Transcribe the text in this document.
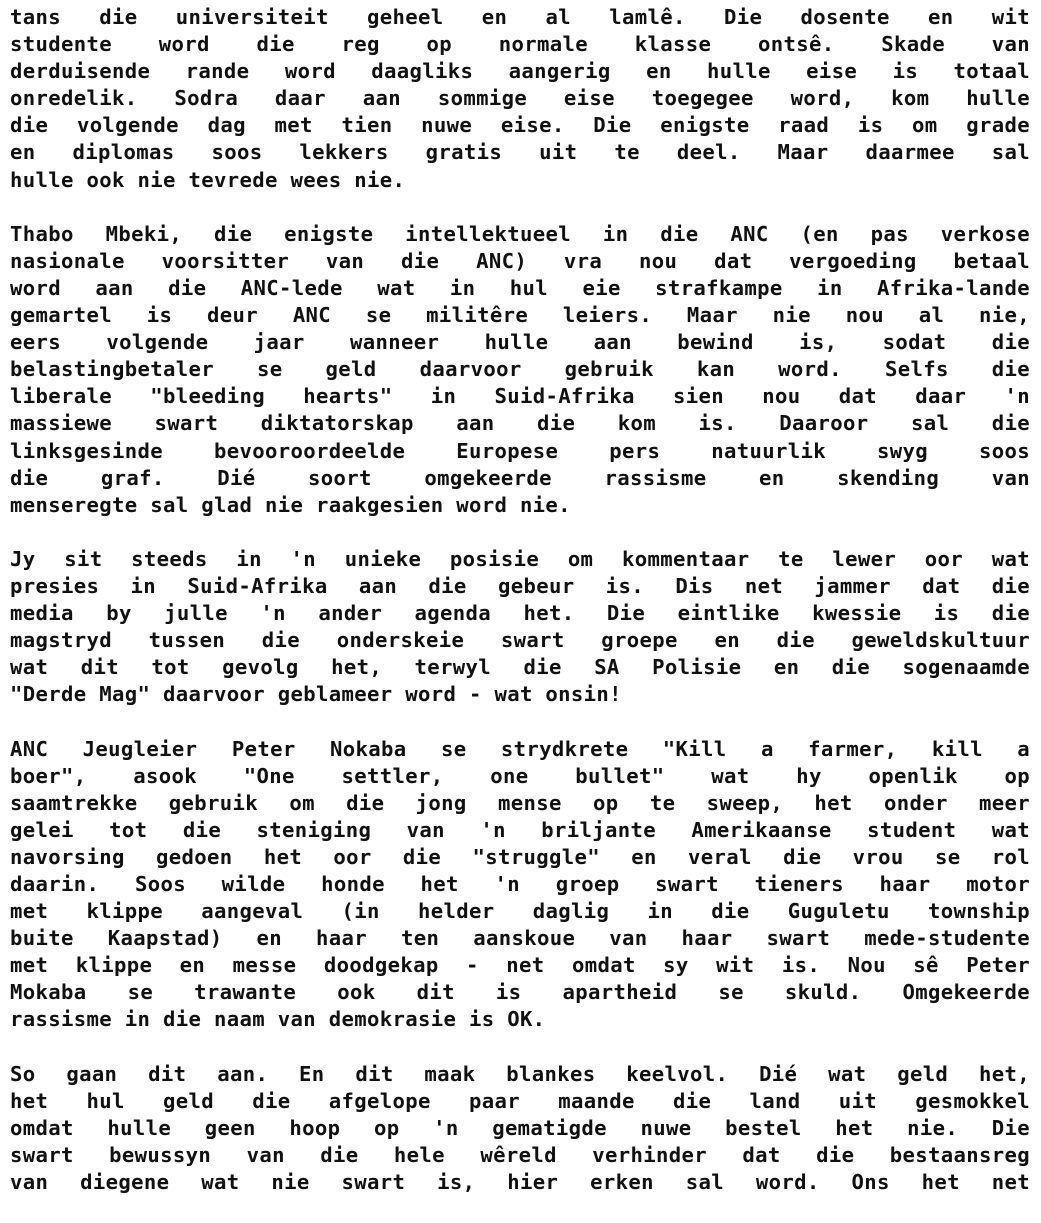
tans die universiteit geheel en al lamlê. Die dosente en wit
studente word die reg op normale klasse ontsê. Skade van
derduisende rande word daagliks aangerig en hulle eise is totaal
onredelik. Sodra daar aan sommige eise toegegee word, kom hulle
die volgende dag met tien nuwe eise. Die enigste raad is om grade
en diplomas soos lekkers gratis uit te deel. Maar daarmee sal
hulle ook nie tevrede wees nie.
Thabo Mbeki, die enigste intellektueel in die ANC (en pas verkose
nasionale voorsitter van die ANC) vra nou dat vergoeding betaal
word aan die ANC-lede wat in hul eie strafkampe in Afrika-lande
gemartel is deur ANC se militêre leiers. Maar nie nou al nie,
eers volgende jaar wanneer hulle aan bewind is, sodat die
belastingbetaler se geld daarvoor gebruik kan word. Selfs die
liberale "bleeding hearts" in Suid-Afrika sien nou dat daar 'n
massiewe swart diktatorskap aan die kom is. Daaroor sal die
linksgesinde bevooroordeelde Europese pers natuurlik swyg soos
die graf. Dié soort omgekeerde rassisme en skending van
menseregte sal glad nie raakgesien word nie.
Jy sit steeds in 'n unieke posisie om kommentaar te lewer oor wat
presies in Suid-Afrika aan die gebeur is. Dis net jammer dat die
media by julle 'n ander agenda het. Die eintlike kwessie is die
magstryd tussen die onderskeie swart groepe en die geweldskultuur
wat dit tot gevolg het, terwyl die SA Polisie en die sogenaamde
"Derde Mag" daarvoor geblameer word - wat onsin!
ANC Jeugleier Peter Nokaba se strydkrete "Kill a farmer, kill a
boer", asook "One settler, one bullet" wat hy openlik op
saamtrekke gebruik om die jong mense op te sweep, het onder meer
gelei tot die steniging van 'n briljante Amerikaanse student wat
navorsing gedoen het oor die "struggle" en veral die vrou se rol
daarin. Soos wilde honde het 'n groep swart tieners haar motor
met klippe aangeval (in helder daglig in die Guguletu township
buite Kaapstad) en haar ten aanskoue van haar swart mede-studente
met klippe en messe doodgekap - net omdat sy wit is. Nou sê Peter
Mokaba se trawante ook dit is apartheid se skuld. Omgekeerde
rassisme in die naam van demokrasie is OK.
So gaan dit aan. En dit maak blankes keelvol. Dié wat geld het,
het hul geld die afgelope paar maande die land uit gesmokkel
omdat hulle geen hoop op 'n gematigde nuwe bestel het nie. Die
swart bewussyn van die hele wêreld verhinder dat die bestaansreg
van diegene wat nie swart is, hier erken sal word. Ons het net
